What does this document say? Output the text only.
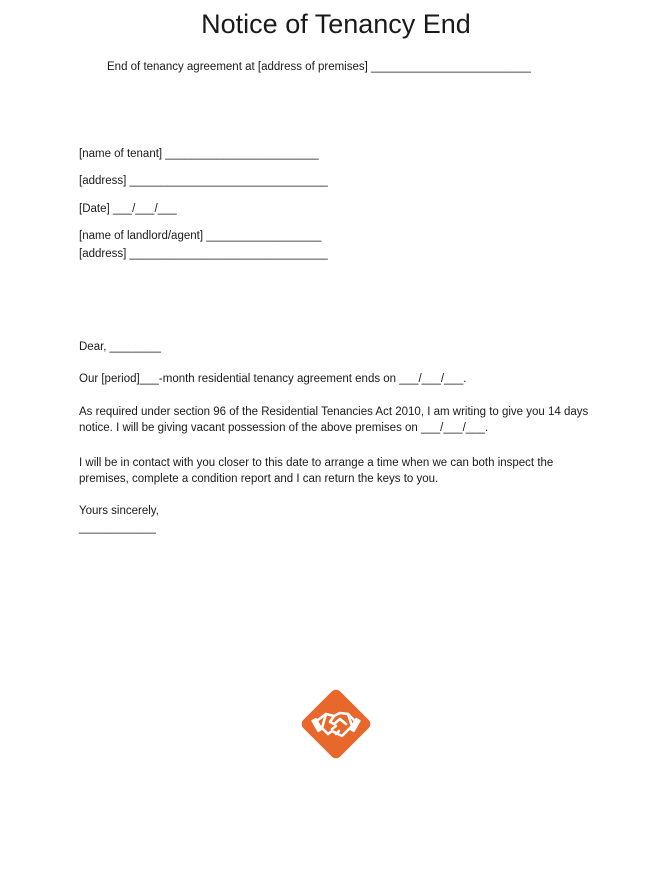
Notice of Tenancy End
End of tenancy agreement at [address of premises] _________________________
[name of tenant] ________________________
[address] _______________________________
[Date] ___/___/___
[name of landlord/agent] __________________
[address] _______________________________
Dear, ________
Our [period]___-month residential tenancy agreement ends on ___/___/___.
As required under section 96 of the Residential Tenancies Act 2010, I am writing to give you 14 days notice. I will be giving vacant possession of the above premises on ___/___/___.
I will be in contact with you closer to this date to arrange a time when we can both inspect the premises, complete a condition report and I can return the keys to you.
Yours sincerely,
____________
